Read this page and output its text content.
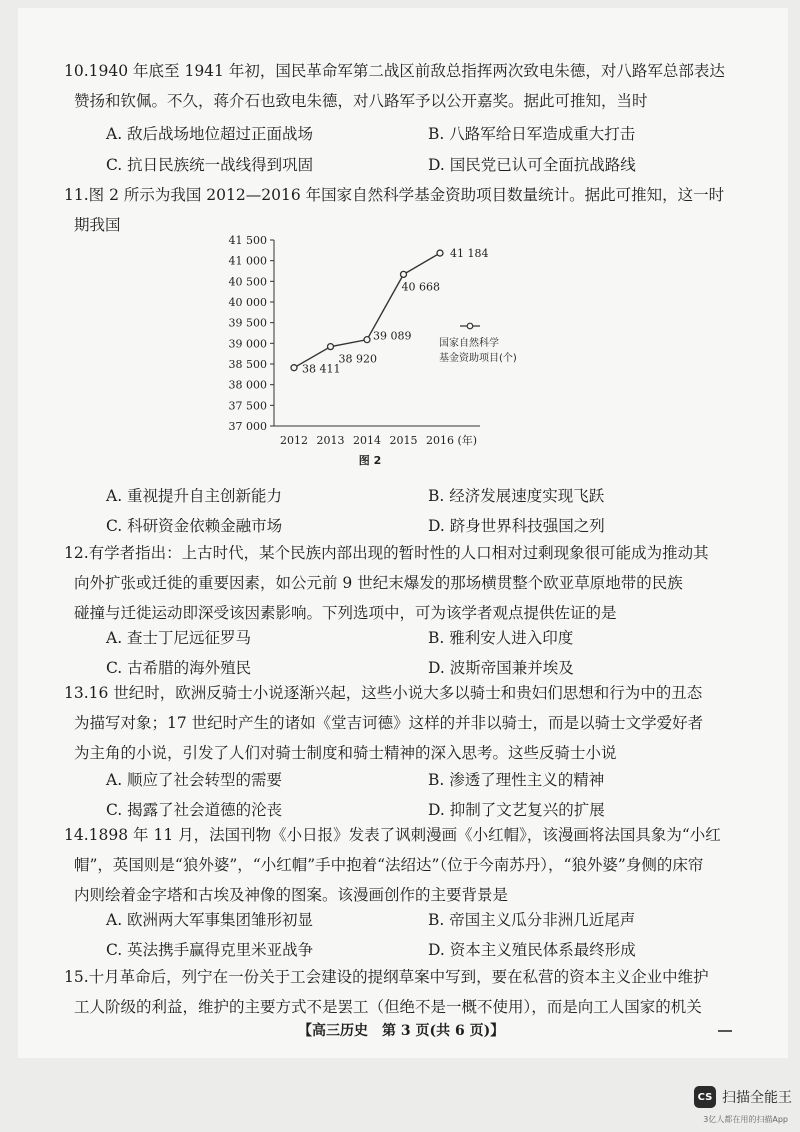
10.1940 年底至 1941 年初，国民革命军第二战区前敌总指挥两次致电朱德，对八路军总部表达
赞扬和钦佩。不久，蒋介石也致电朱德，对八路军予以公开嘉奖。据此可推知，当时
A. 敌后战场地位超过正面战场	B. 八路军给日军造成重大打击
C. 抗日民族统一战线得到巩固	D. 国民党已认可全面抗战路线
11.图 2 所示为我国 2012—2016 年国家自然科学基金资助项目数量统计。据此可推知，这一时
期我国
37 000
37 500
38 000
38 500
39 000
39 500
40 000
40 500
41 000
41 500
2012 2013 2014 2015 2016 (年)
38 411
38 920
39 089
40 668
41 184
国家自然科学
基金资助项目(个)
图 2
A. 重视提升自主创新能力	B. 经济发展速度实现飞跃
C. 科研资金依赖金融市场	D. 跻身世界科技强国之列
12.有学者指出：上古时代，某个民族内部出现的暂时性的人口相对过剩现象很可能成为推动其
向外扩张或迁徙的重要因素，如公元前 9 世纪末爆发的那场横贯整个欧亚草原地带的民族
碰撞与迁徙运动即深受该因素影响。下列选项中，可为该学者观点提供佐证的是
A. 查士丁尼远征罗马	B. 雅利安人进入印度
C. 古希腊的海外殖民	D. 波斯帝国兼并埃及
13.16 世纪时，欧洲反骑士小说逐渐兴起，这些小说大多以骑士和贵妇们思想和行为中的丑态
为描写对象；17 世纪时产生的诸如《堂吉诃德》这样的并非以骑士，而是以骑士文学爱好者
为主角的小说，引发了人们对骑士制度和骑士精神的深入思考。这些反骑士小说
A. 顺应了社会转型的需要	B. 渗透了理性主义的精神
C. 揭露了社会道德的沦丧	D. 抑制了文艺复兴的扩展
14.1898 年 11 月，法国刊物《小日报》发表了讽刺漫画《小红帽》，该漫画将法国具象为“小红
帽”，英国则是“狼外婆”，“小红帽”手中抱着“法绍达”（位于今南苏丹），“狼外婆”身侧的床帘
内则绘着金字塔和古埃及神像的图案。该漫画创作的主要背景是
A. 欧洲两大军事集团雏形初显	B. 帝国主义瓜分非洲几近尾声
C. 英法携手赢得克里米亚战争	D. 资本主义殖民体系最终形成
15.十月革命后，列宁在一份关于工会建设的提纲草案中写到，要在私营的资本主义企业中维护
工人阶级的利益，维护的主要方式不是罢工（但绝不是一概不使用），而是向工人国家的机关
【高三历史　第 3 页(共 6 页)】
CS 扫描全能王
3亿人都在用的扫描App
